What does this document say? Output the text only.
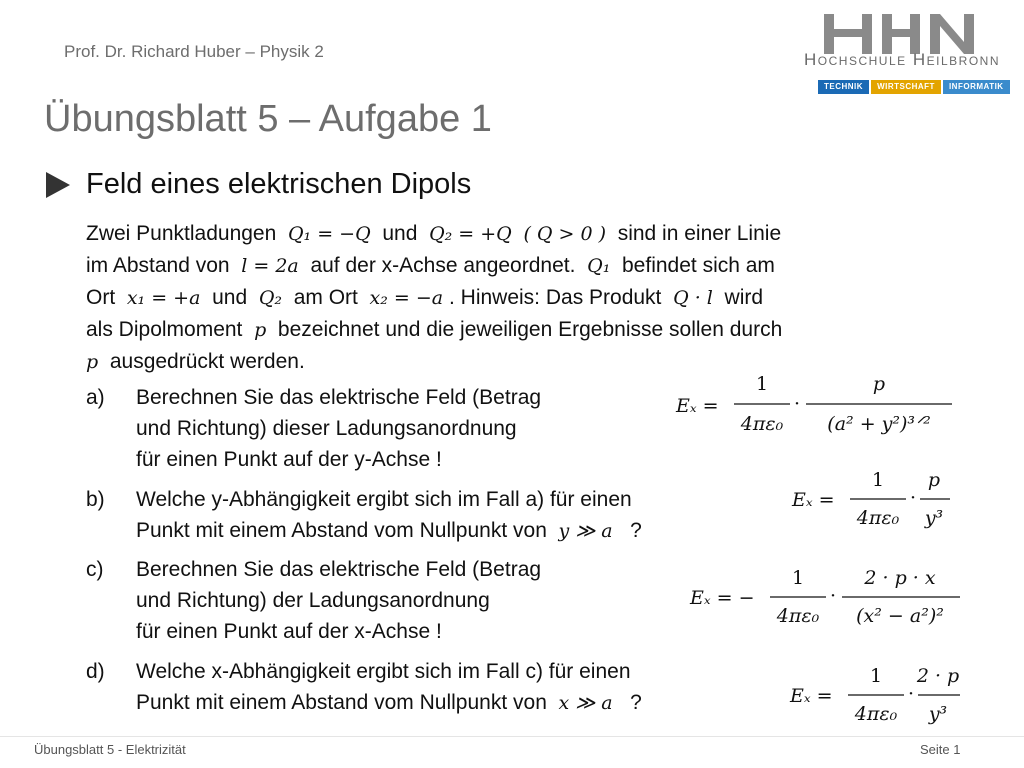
Prof. Dr. Richard Huber – Physik 2	Hochschule Heilbronn
TECHNIK	WIRTSCHAFT	INFORMATIK
Übungsblatt 5 – Aufgabe 1
Feld eines elektrischen Dipols
Zwei Punktladungen Q₁ = −Q und Q₂ = +Q ( Q > 0 ) sind in einer Linie
im Abstand von l = 2a auf der x-Achse angeordnet. Q₁ befindet sich am
Ort x₁ = +a und Q₂ am Ort x₂ = −a . Hinweis: Das Produkt Q · l wird
als Dipolmoment p bezeichnet und die jeweiligen Ergebnisse sollen durch
p ausgedrückt werden.
a)	Berechnen Sie das elektrische Feld (Betrag
und Richtung) dieser Ladungsanordnung
für einen Punkt auf der y-Achse !
b)	Welche y-Abhängigkeit ergibt sich im Fall a) für einen
Punkt mit einem Abstand vom Nullpunkt von y ≫ a ?
c)	Berechnen Sie das elektrische Feld (Betrag
und Richtung) der Ladungsanordnung
für einen Punkt auf der x-Achse !
d)	Welche x-Abhängigkeit ergibt sich im Fall c) für einen
Punkt mit einem Abstand vom Nullpunkt von x ≫ a ?
Eₓ =
1
4πε₀
·
p
(a² + y²)³ᐟ²
Eₓ =
1
4πε₀
·
p
y³
Eₓ = −
1
4πε₀
·
2 · p · x
(x² − a²)²
Eₓ =
1
4πε₀
·
2 · p
y³
Übungsblatt 5 - Elektrizität	Seite 1
